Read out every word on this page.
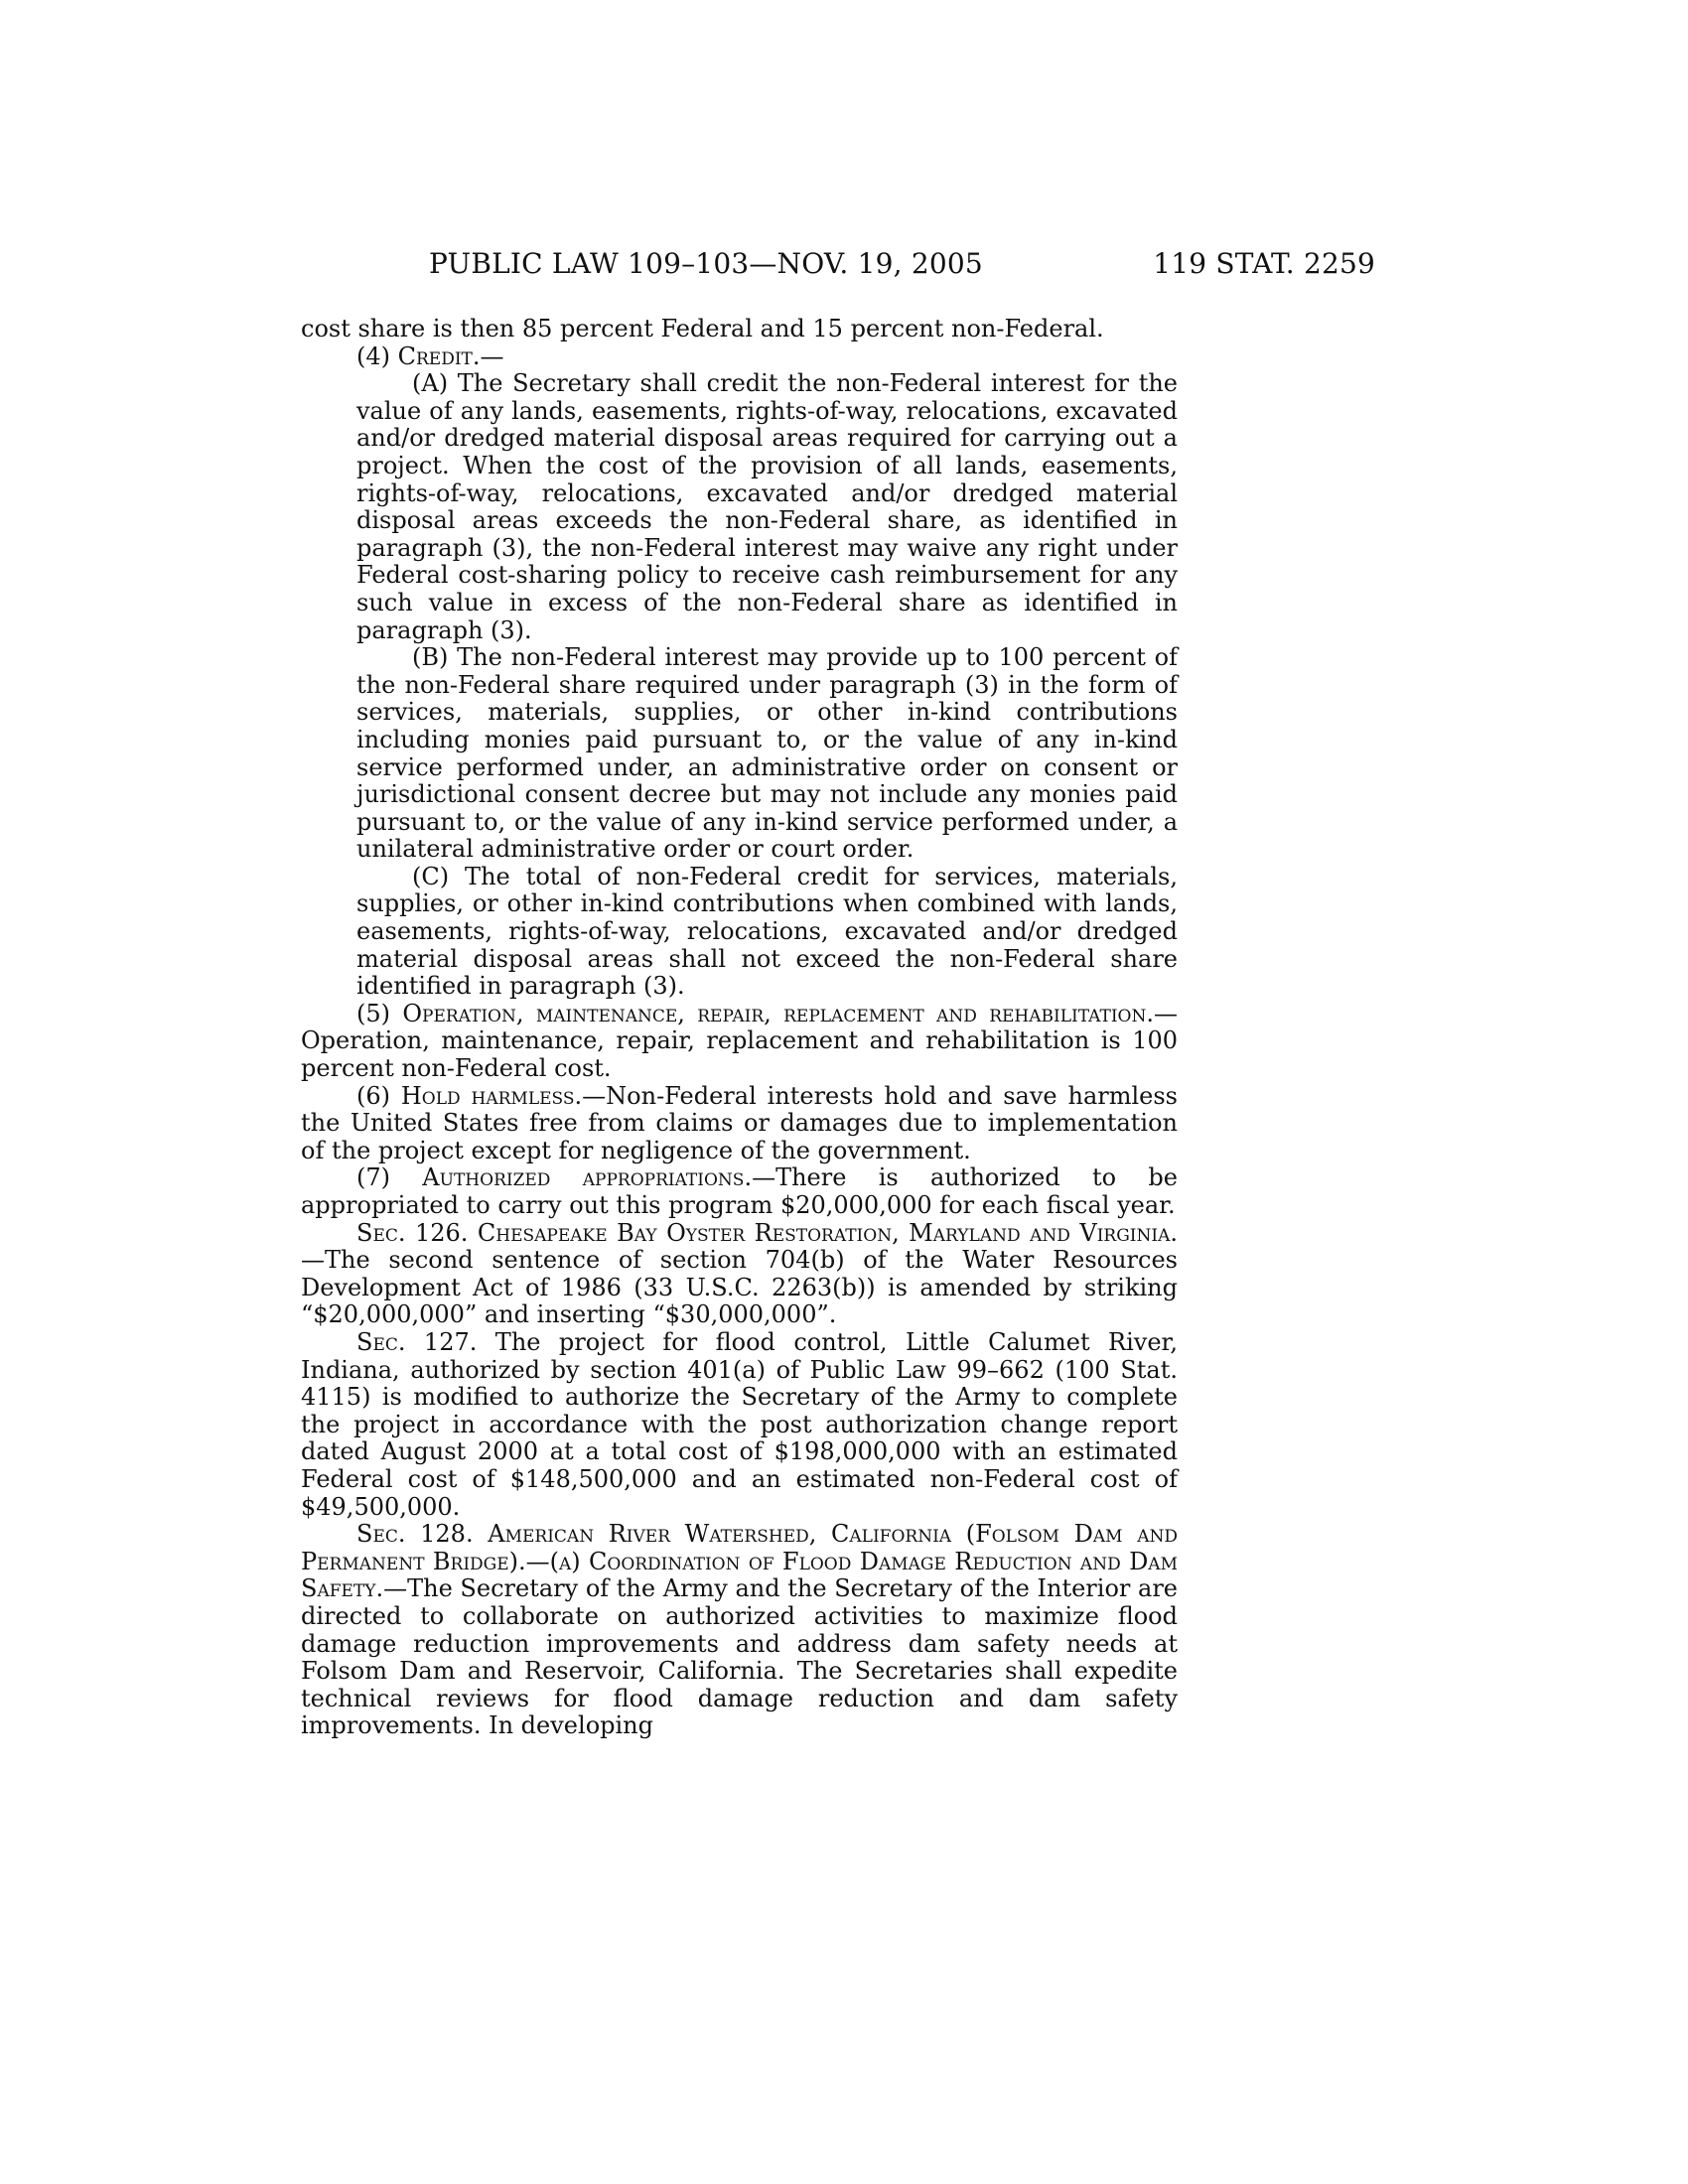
PUBLIC LAW 109–103—NOV. 19, 2005	119 STAT. 2259

cost share is then 85 percent Federal and 15 percent non-Federal.

(4) Credit.—

(A) The Secretary shall credit the non-Federal interest for the value of any lands, easements, rights-of-way, relocations, excavated and/or dredged material disposal areas required for carrying out a project. When the cost of the provision of all lands, easements, rights-of-way, relocations, excavated and/or dredged material disposal areas exceeds the non-Federal share, as identified in paragraph (3), the non-Federal interest may waive any right under Federal cost-sharing policy to receive cash reimbursement for any such value in excess of the non-Federal share as identified in paragraph (3).

(B) The non-Federal interest may provide up to 100 percent of the non-Federal share required under paragraph (3) in the form of services, materials, supplies, or other in-kind contributions including monies paid pursuant to, or the value of any in-kind service performed under, an administrative order on consent or jurisdictional consent decree but may not include any monies paid pursuant to, or the value of any in-kind service performed under, a unilateral administrative order or court order.

(C) The total of non-Federal credit for services, materials, supplies, or other in-kind contributions when combined with lands, easements, rights-of-way, relocations, excavated and/or dredged material disposal areas shall not exceed the non-Federal share identified in paragraph (3).

(5) Operation, maintenance, repair, replacement and rehabilitation.—Operation, maintenance, repair, replacement and rehabilitation is 100 percent non-Federal cost.

(6) Hold harmless.—Non-Federal interests hold and save harmless the United States free from claims or damages due to implementation of the project except for negligence of the government.

(7) Authorized appropriations.—There is authorized to be appropriated to carry out this program $20,000,000 for each fiscal year.

Sec. 126. Chesapeake Bay Oyster Restoration, Maryland and Virginia.—The second sentence of section 704(b) of the Water Resources Development Act of 1986 (33 U.S.C. 2263(b)) is amended by striking “$20,000,000” and inserting “$30,000,000”.

Sec. 127. The project for flood control, Little Calumet River, Indiana, authorized by section 401(a) of Public Law 99–662 (100 Stat. 4115) is modified to authorize the Secretary of the Army to complete the project in accordance with the post authorization change report dated August 2000 at a total cost of $198,000,000 with an estimated Federal cost of $148,500,000 and an estimated non-Federal cost of $49,500,000.

Sec. 128. American River Watershed, California (Folsom Dam and Permanent Bridge).—(a) Coordination of Flood Damage Reduction and Dam Safety.—The Secretary of the Army and the Secretary of the Interior are directed to collaborate on authorized activities to maximize flood damage reduction improvements and address dam safety needs at Folsom Dam and Reservoir, California. The Secretaries shall expedite technical reviews for flood damage reduction and dam safety improvements. In developing
